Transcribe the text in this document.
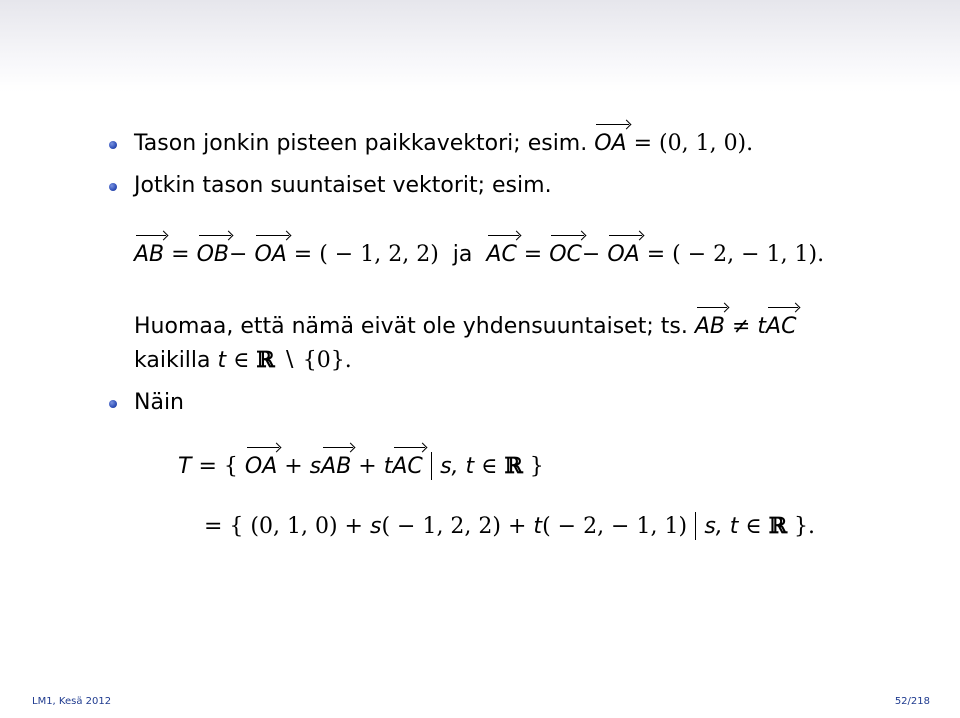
Tason jonkin pisteen paikkavektori; esim. OA = (0, 1, 0).
Jotkin tason suuntaiset vektorit; esim.
AB = OB− OA = ( − 1, 2, 2) ja AC = OC− OA = ( − 2, − 1, 1).
Huomaa, että nämä eivät ole yhdensuuntaiset; ts. AB ≠ tAC
kaikilla t ∈ ℝ ∖ {0}.
Näin
T = { OA + sAB + tAC s, t ∈ ℝ }
= { (0, 1, 0) + s( − 1, 2, 2) + t( − 2, − 1, 1) s, t ∈ ℝ }.
LM1, Kesä 2012	52/218
